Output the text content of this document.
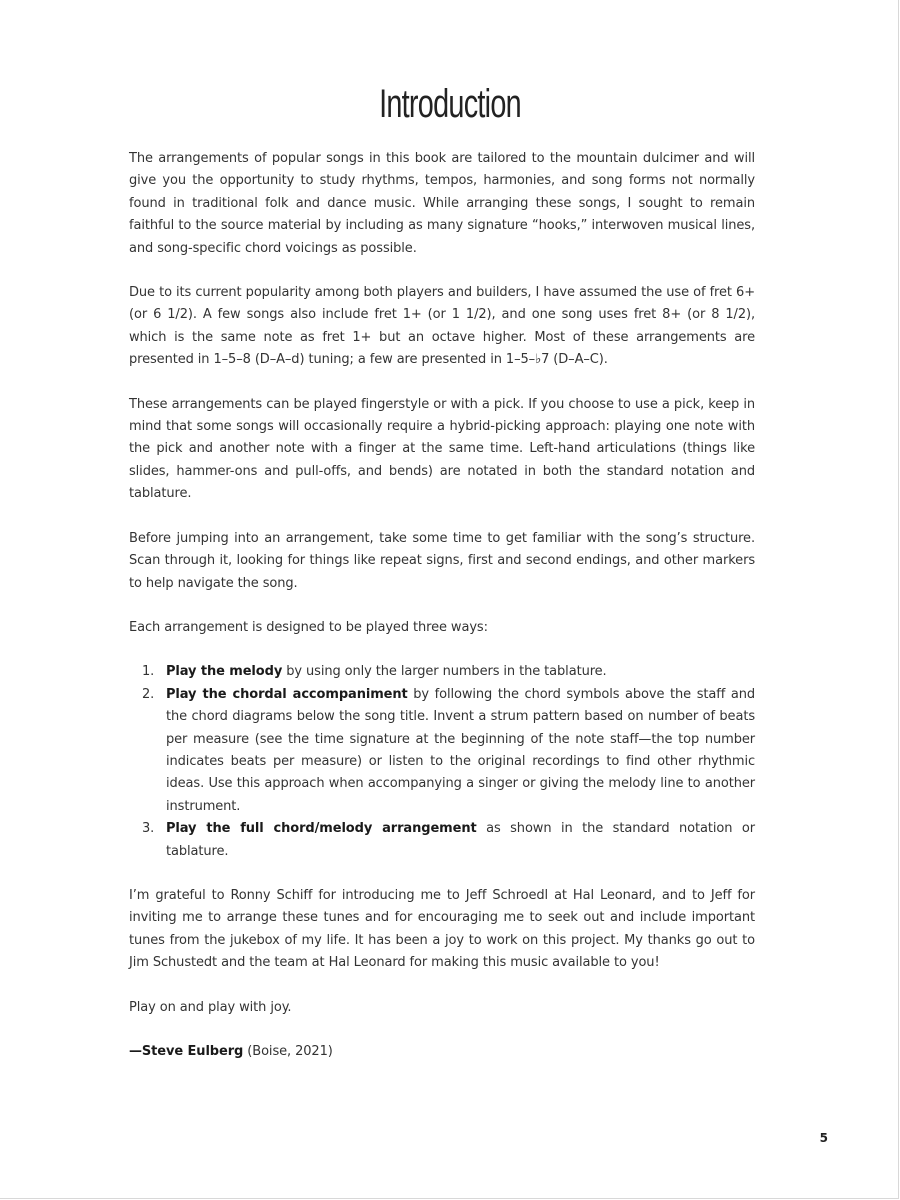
Introduction

The arrangements of popular songs in this book are tailored to the mountain dulcimer and will give you the opportunity to study rhythms, tempos, harmonies, and song forms not normally found in traditional folk and dance music. While arranging these songs, I sought to remain faithful to the source material by including as many signature “hooks,” interwoven musical lines, and song-specific chord voicings as possible.

Due to its current popularity among both players and builders, I have assumed the use of fret 6+ (or 6 1/2). A few songs also include fret 1+ (or 1 1/2), and one song uses fret 8+ (or 8 1/2), which is the same note as fret 1+ but an octave higher. Most of these arrangements are presented in 1–5–8 (D–A–d) tuning; a few are presented in 1–5–♭7 (D–A–C).

These arrangements can be played fingerstyle or with a pick. If you choose to use a pick, keep in mind that some songs will occasionally require a hybrid-picking approach: playing one note with the pick and another note with a finger at the same time. Left-hand articulations (things like slides, hammer-ons and pull-offs, and bends) are notated in both the standard notation and tablature.

Before jumping into an arrangement, take some time to get familiar with the song’s structure. Scan through it, looking for things like repeat signs, first and second endings, and other markers to help navigate the song.

Each arrangement is designed to be played three ways:

1. Play the melody by using only the larger numbers in the tablature.
2. Play the chordal accompaniment by following the chord symbols above the staff and the chord diagrams below the song title. Invent a strum pattern based on number of beats per measure (see the time signature at the beginning of the note staff—the top number indicates beats per measure) or listen to the original recordings to find other rhythmic ideas. Use this approach when accompanying a singer or giving the melody line to another instrument.
3. Play the full chord/melody arrangement as shown in the standard notation or tablature.

I’m grateful to Ronny Schiff for introducing me to Jeff Schroedl at Hal Leonard, and to Jeff for inviting me to arrange these tunes and for encouraging me to seek out and include important tunes from the jukebox of my life. It has been a joy to work on this project. My thanks go out to Jim Schustedt and the team at Hal Leonard for making this music available to you!

Play on and play with joy.

—Steve Eulberg (Boise, 2021)

5
